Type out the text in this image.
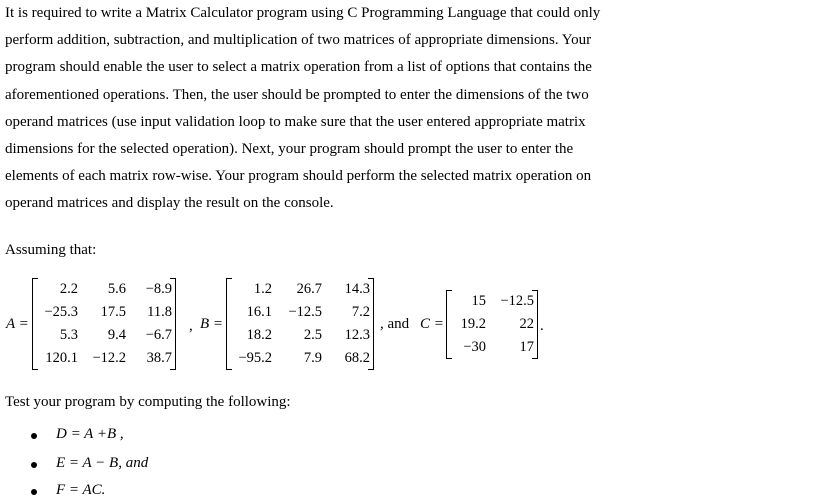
It is required to write a Matrix Calculator program using C Programming Language that could only
perform addition, subtraction, and multiplication of two matrices of appropriate dimensions. Your
program should enable the user to select a matrix operation from a list of options that contains the
aforementioned operations. Then, the user should be prompted to enter the dimensions of the two
operand matrices (use input validation loop to make sure that the user entered appropriate matrix
dimensions for the selected operation). Next, your program should prompt the user to enter the
elements of each matrix row-wise. Your program should perform the selected matrix operation on
operand matrices and display the result on the console.
Assuming that:
A =
2.2	5.6	−8.9
−25.3	17.5	11.8
5.3	9.4	−6.7
120.1 −12.2	38.7
, B =
1.2	26.7	14.3
16.1	−12.5	7.2
18.2	2.5	12.3
−95.2	7.9	68.2
, and C =
15 −12.5
19.2	22
−30	17
.
Test your program by computing the following:
D = A +B ,
E = A − B, and
F = AC.
